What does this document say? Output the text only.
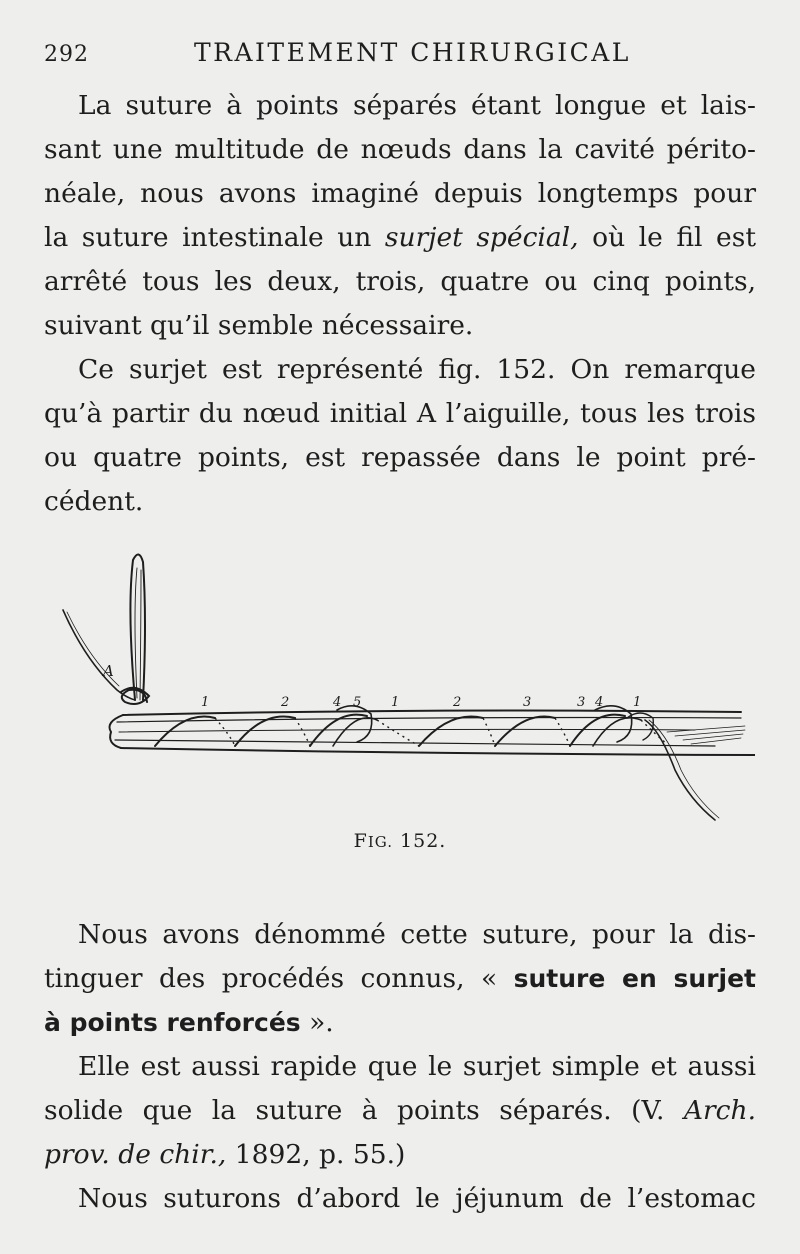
292	TRAITEMENT CHIRURGICAL
La suture à points séparés étant longue et lais-
sant une multitude de nœuds dans la cavité périto-
néale, nous avons imaginé depuis longtemps pour
la suture intestinale un surjet spécial, où le fil est
arrêté tous les deux, trois, quatre ou cinq points,
suivant qu’il semble nécessaire.
Ce surjet est représenté fig. 152. On remarque
qu’à partir du nœud initial A l’aiguille, tous les trois
ou quatre points, est repassée dans le point pré-
cédent.
A
1	2	4 5 1	2	3	3 4 1
FIG. 152.
Nous avons dénommé cette suture, pour la dis-
tinguer des procédés connus, « suture en surjet
à points renforcés ».
Elle est aussi rapide que le surjet simple et aussi
solide que la suture à points séparés. (V. Arch.
prov. de chir., 1892, p. 55.)
Nous suturons d’abord le jéjunum de l’estomac
